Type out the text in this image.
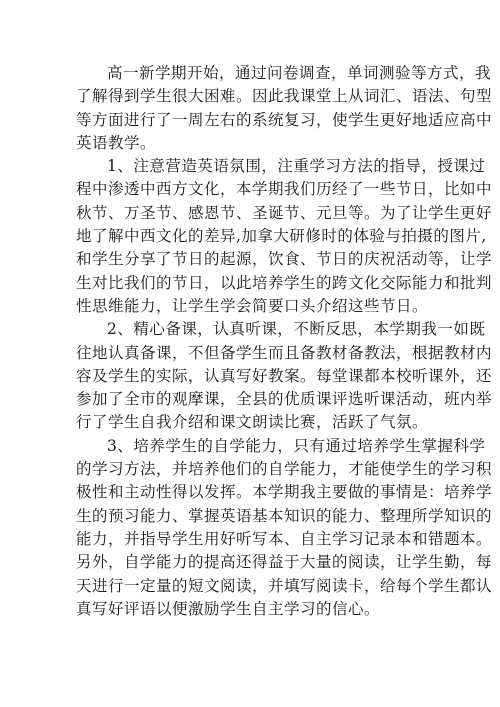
高一新学期开始，通过问卷调查，单词测验等方式，我
了解得到学生很大困难。因此我课堂上从词汇、语法、句型
等方面进行了一周左右的系统复习，使学生更好地适应高中
英语教学。
1、注意营造英语氛围，注重学习方法的指导，授课过
程中渗透中西方文化，本学期我们历经了一些节日，比如中
秋节、万圣节、感恩节、圣诞节、元旦等。为了让学生更好
地了解中西文化的差异,加拿大研修时的体验与拍摄的图片,
和学生分享了节日的起源，饮食、节日的庆祝活动等，让学
生对比我们的节日，以此培养学生的跨文化交际能力和批判
性思维能力，让学生学会简要口头介绍这些节日。
2、精心备课，认真听课，不断反思，本学期我一如既
往地认真备课，不但备学生而且备教材备教法，根据教材内
容及学生的实际，认真写好教案。每堂课都本校听课外，还
参加了全市的观摩课，全县的优质课评选听课活动，班内举
行了学生自我介绍和课文朗读比赛，活跃了气氛。
3、培养学生的自学能力，只有通过培养学生掌握科学
的学习方法，并培养他们的自学能力，才能使学生的学习积
极性和主动性得以发挥。本学期我主要做的事情是：培养学
生的预习能力、掌握英语基本知识的能力、整理所学知识的
能力，并指导学生用好听写本、自主学习记录本和错题本。
另外，自学能力的提高还得益于大量的阅读，让学生勤，每
天进行一定量的短文阅读，并填写阅读卡，给每个学生都认
真写好评语以便激励学生自主学习的信心。
